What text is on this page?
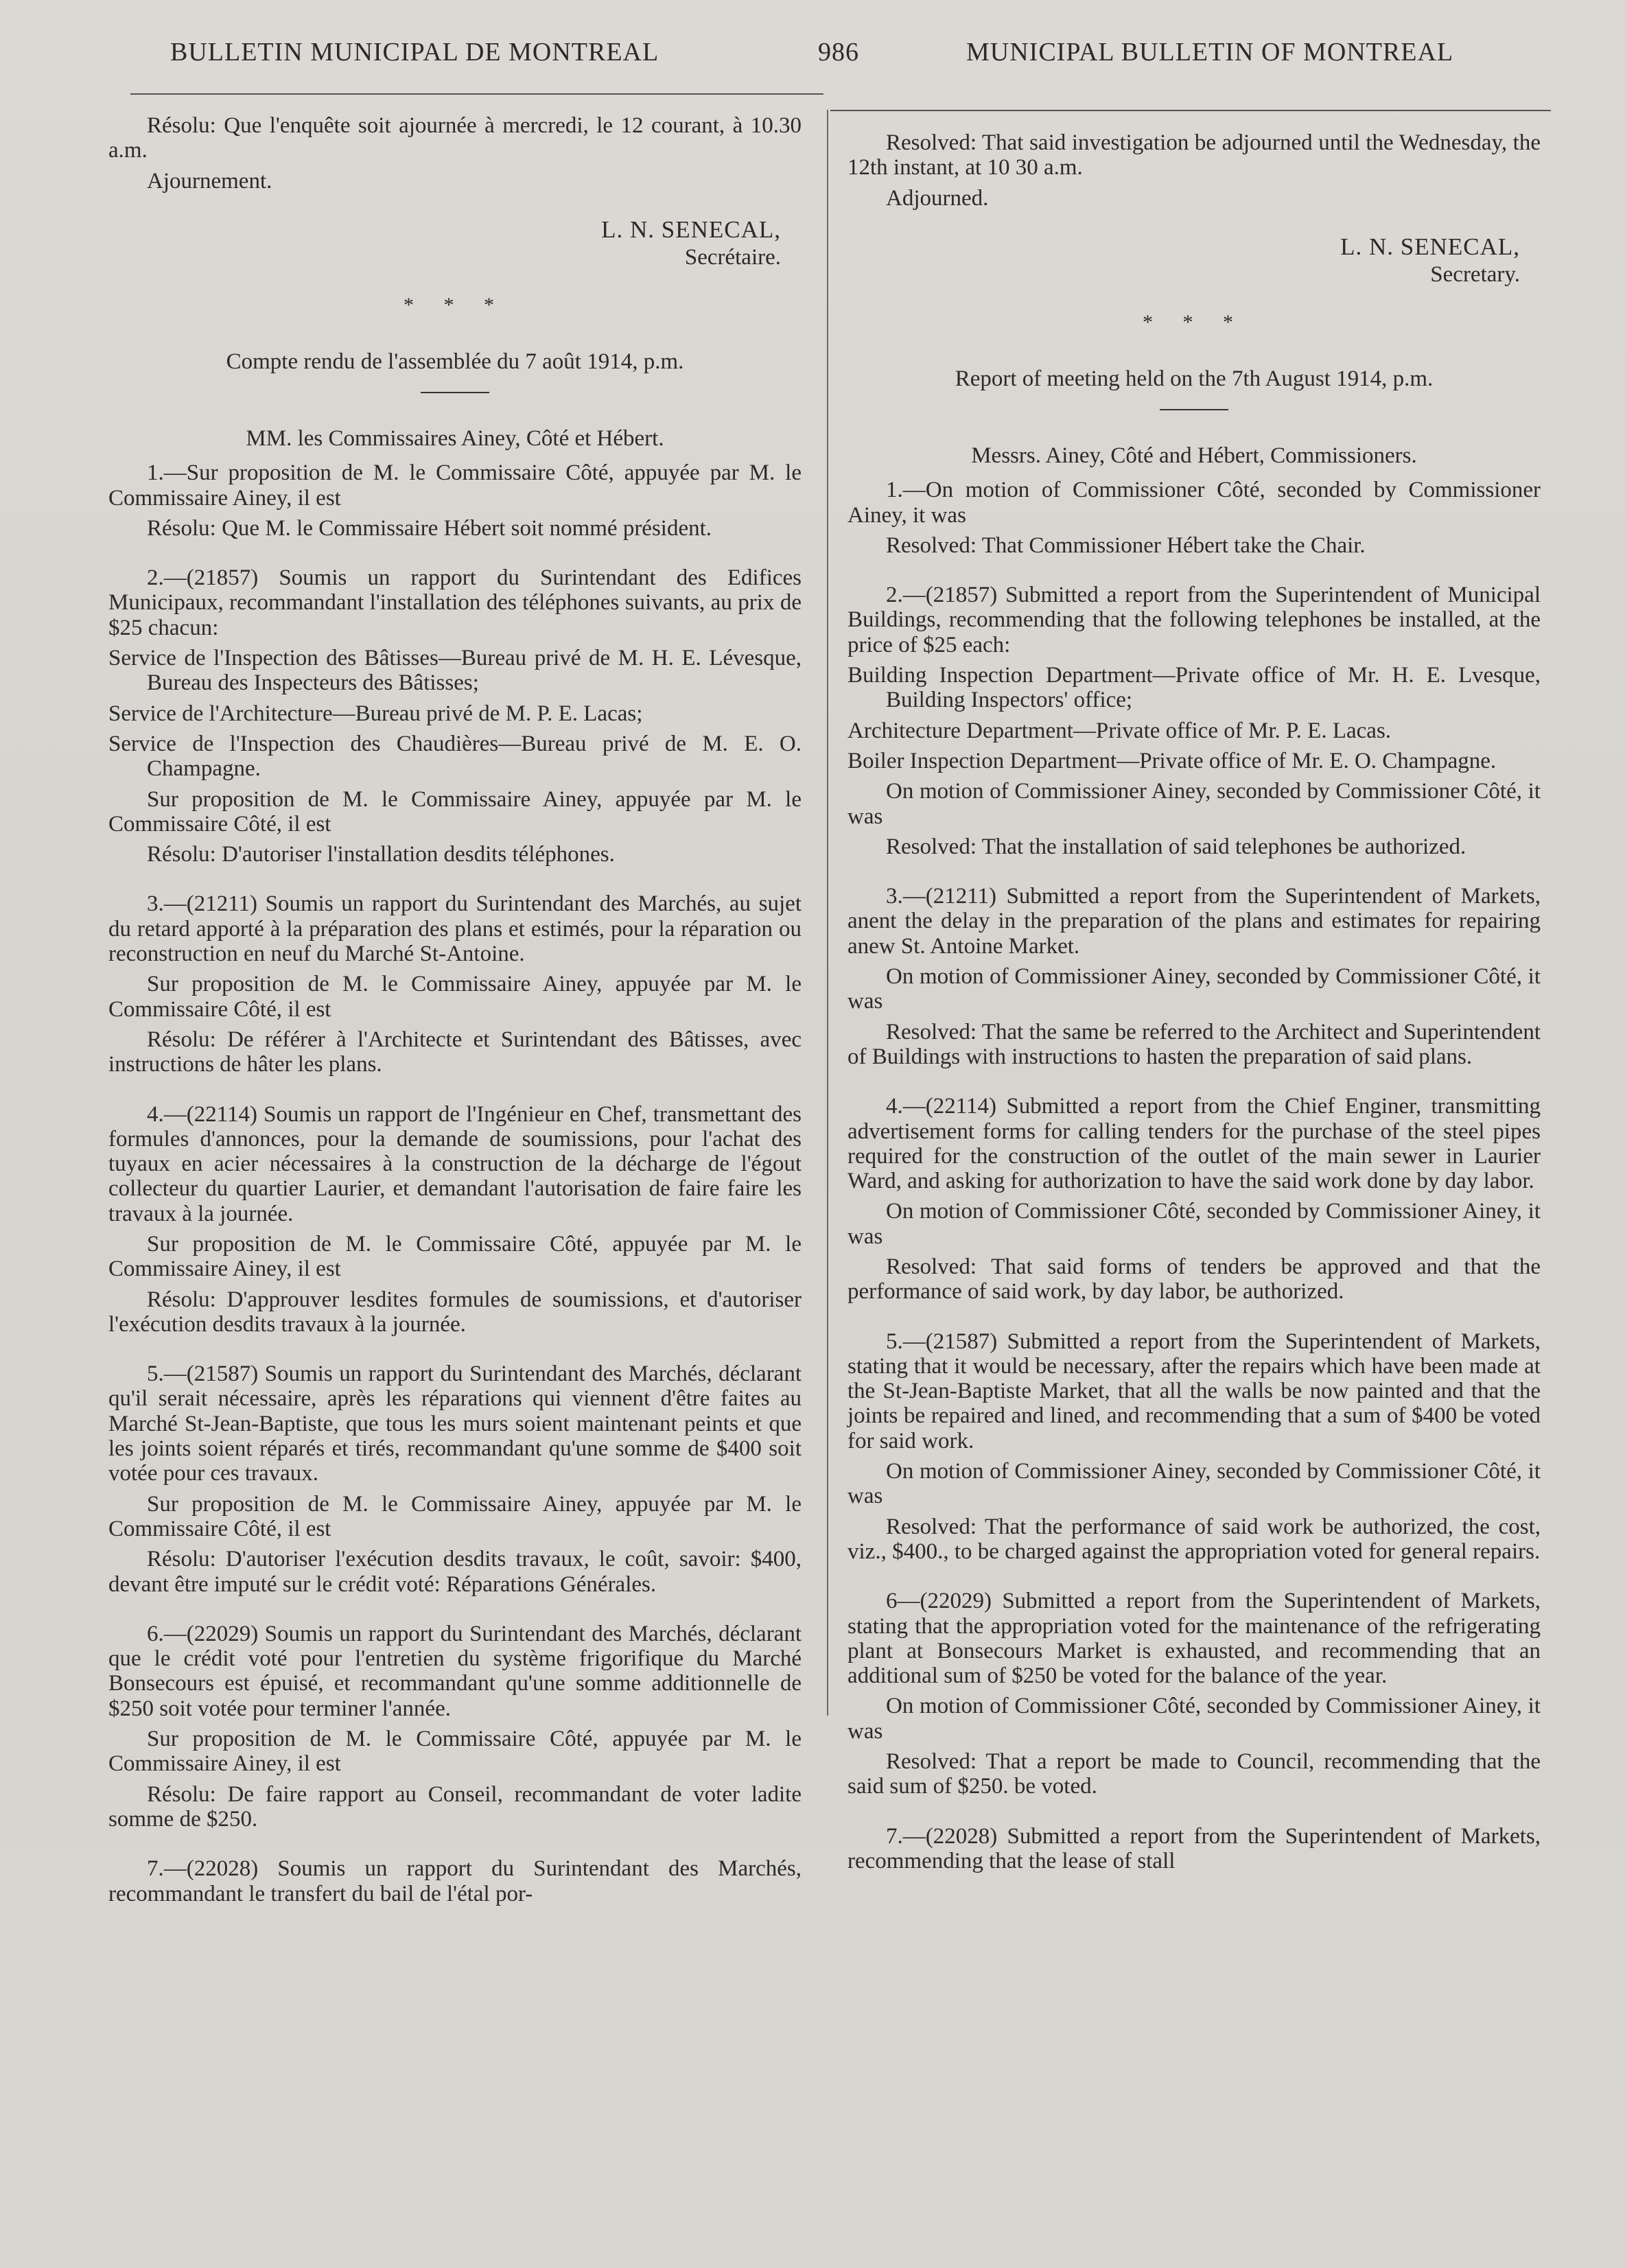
BULLETIN MUNICIPAL DE MONTREAL	986	MUNICIPAL BULLETIN OF MONTREAL

Résolu: Que l'enquête soit ajournée à mercredi, le 12 courant, à 10.30 a.m.

Ajournement.

L. N. SENECAL,
Secrétaire.
* * *

Compte rendu de l'assemblée du 7 août 1914, p.m.

MM. les Commissaires Ainey, Côté et Hébert.

1.—Sur proposition de M. le Commissaire Côté, appuyée par M. le Commissaire Ainey, il est

Résolu: Que M. le Commissaire Hébert soit nommé président.

2.—(21857) Soumis un rapport du Surintendant des Edifices Municipaux, recommandant l'installation des téléphones suivants, au prix de $25 chacun:

Service de l'Inspection des Bâtisses—Bureau privé de M. H. E. Lévesque, Bureau des Inspecteurs des Bâtisses;

Service de l'Architecture—Bureau privé de M. P. E. Lacas;

Service de l'Inspection des Chaudières—Bureau privé de M. E. O. Champagne.

Sur proposition de M. le Commissaire Ainey, appuyée par M. le Commissaire Côté, il est

Résolu: D'autoriser l'installation desdits téléphones.

3.—(21211) Soumis un rapport du Surintendant des Marchés, au sujet du retard apporté à la préparation des plans et estimés, pour la réparation ou reconstruction en neuf du Marché St-Antoine.

Sur proposition de M. le Commissaire Ainey, appuyée par M. le Commissaire Côté, il est

Résolu: De référer à l'Architecte et Surintendant des Bâtisses, avec instructions de hâter les plans.

4.—(22114) Soumis un rapport de l'Ingénieur en Chef, transmettant des formules d'annonces, pour la demande de soumissions, pour l'achat des tuyaux en acier nécessaires à la construction de la décharge de l'égout collecteur du quartier Laurier, et demandant l'autorisation de faire faire les travaux à la journée.

Sur proposition de M. le Commissaire Côté, appuyée par M. le Commissaire Ainey, il est

Résolu: D'approuver lesdites formules de soumissions, et d'autoriser l'exécution desdits travaux à la journée.

5.—(21587) Soumis un rapport du Surintendant des Marchés, déclarant qu'il serait nécessaire, après les réparations qui viennent d'être faites au Marché St-Jean-Baptiste, que tous les murs soient maintenant peints et que les joints soient réparés et tirés, recommandant qu'une somme de $400 soit votée pour ces travaux.

Sur proposition de M. le Commissaire Ainey, appuyée par M. le Commissaire Côté, il est

Résolu: D'autoriser l'exécution desdits travaux, le coût, savoir: $400, devant être imputé sur le crédit voté: Réparations Générales.

6.—(22029) Soumis un rapport du Surintendant des Marchés, déclarant que le crédit voté pour l'entretien du système frigorifique du Marché Bonsecours est épuisé, et recommandant qu'une somme additionnelle de $250 soit votée pour terminer l'année.

Sur proposition de M. le Commissaire Côté, appuyée par M. le Commissaire Ainey, il est

Résolu: De faire rapport au Conseil, recommandant de voter ladite somme de $250.

7.—(22028) Soumis un rapport du Surintendant des Marchés, recommandant le transfert du bail de l'étal por-

Resolved: That said investigation be adjourned until the Wednesday, the 12th instant, at 10 30 a.m.

Adjourned.

L. N. SENECAL,
Secretary.
* * *

Report of meeting held on the 7th August 1914, p.m.

Messrs. Ainey, Côté and Hébert, Commissioners.

1.—On motion of Commissioner Côté, seconded by Commissioner Ainey, it was

Resolved: That Commissioner Hébert take the Chair.

2.—(21857) Submitted a report from the Superintendent of Municipal Buildings, recommending that the following telephones be installed, at the price of $25 each:

Building Inspection Department—Private office of Mr. H. E. Lvesque, Building Inspectors' office;

Architecture Department—Private office of Mr. P. E. Lacas.

Boiler Inspection Department—Private office of Mr. E. O. Champagne.

On motion of Commissioner Ainey, seconded by Commissioner Côté, it was

Resolved: That the installation of said telephones be authorized.

3.—(21211) Submitted a report from the Superintendent of Markets, anent the delay in the preparation of the plans and estimates for repairing anew St. Antoine Market.

On motion of Commissioner Ainey, seconded by Commissioner Côté, it was

Resolved: That the same be referred to the Architect and Superintendent of Buildings with instructions to hasten the preparation of said plans.

4.—(22114) Submitted a report from the Chief Enginer, transmitting advertisement forms for calling tenders for the purchase of the steel pipes required for the construction of the outlet of the main sewer in Laurier Ward, and asking for authorization to have the said work done by day labor.

On motion of Commissioner Côté, seconded by Commissioner Ainey, it was

Resolved: That said forms of tenders be approved and that the performance of said work, by day labor, be authorized.

5.—(21587) Submitted a report from the Superintendent of Markets, stating that it would be necessary, after the repairs which have been made at the St-Jean-Baptiste Market, that all the walls be now painted and that the joints be repaired and lined, and recommending that a sum of $400 be voted for said work.

On motion of Commissioner Ainey, seconded by Commissioner Côté, it was

Resolved: That the performance of said work be authorized, the cost, viz., $400., to be charged against the appropriation voted for general repairs.

6—(22029) Submitted a report from the Superintendent of Markets, stating that the appropriation voted for the maintenance of the refrigerating plant at Bonsecours Market is exhausted, and recommending that an additional sum of $250 be voted for the balance of the year.

On motion of Commissioner Côté, seconded by Commissioner Ainey, it was

Resolved: That a report be made to Council, recommending that the said sum of $250. be voted.

7.—(22028) Submitted a report from the Superintendent of Markets, recommending that the lease of stall
